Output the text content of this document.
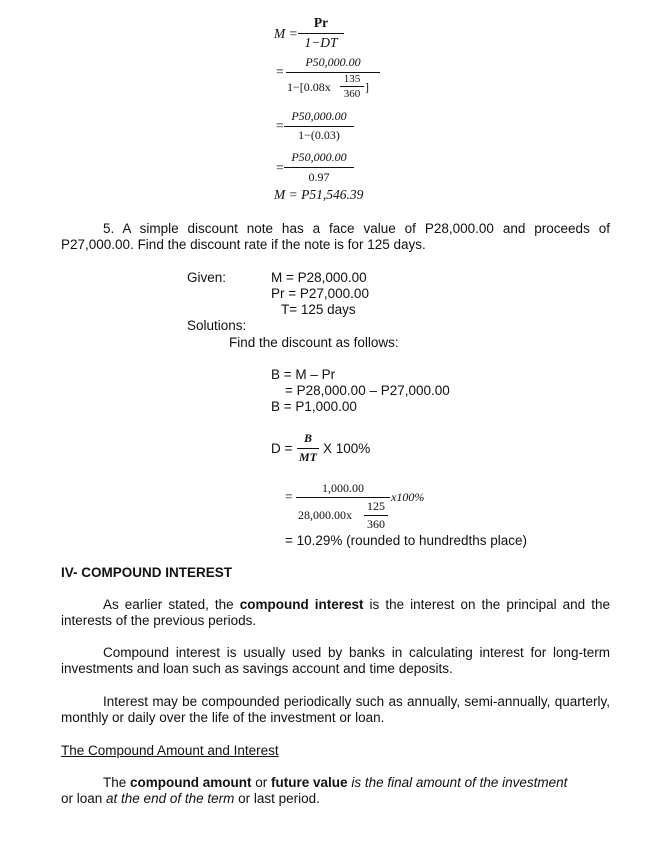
M =
Pr
1−DT
=
P50,000.00
1−[0.08x
135
360 ]
=
P50,000.00
1−(0.03)
=
P50,000.00
0.97
M = P51,546.39
5. A simple discount note has a face value of P28,000.00 and proceeds of P27,000.00. Find the discount rate if the note is for 125 days.
Given:	M = P28,000.00
Pr = P27,000.00
T= 125 days
Solutions:
Find the discount as follows:
B = M – Pr
= P28,000.00 – P27,000.00
B = P1,000.00
D =
B
MT
X 100%
=
1,000.00
28,000.00x
125
360
x100%
= 10.29% (rounded to hundredths place)
IV- COMPOUND INTEREST
As earlier stated, the compound interest is the interest on the principal and the interests of the previous periods.
Compound interest is usually used by banks in calculating interest for long-term investments and loan such as savings account and time deposits.
Interest may be compounded periodically such as annually, semi-annually, quarterly, monthly or daily over the life of the investment or loan.
The Compound Amount and Interest
The compound amount or future value is the final amount of the investment
or loan at the end of the term or last period.
